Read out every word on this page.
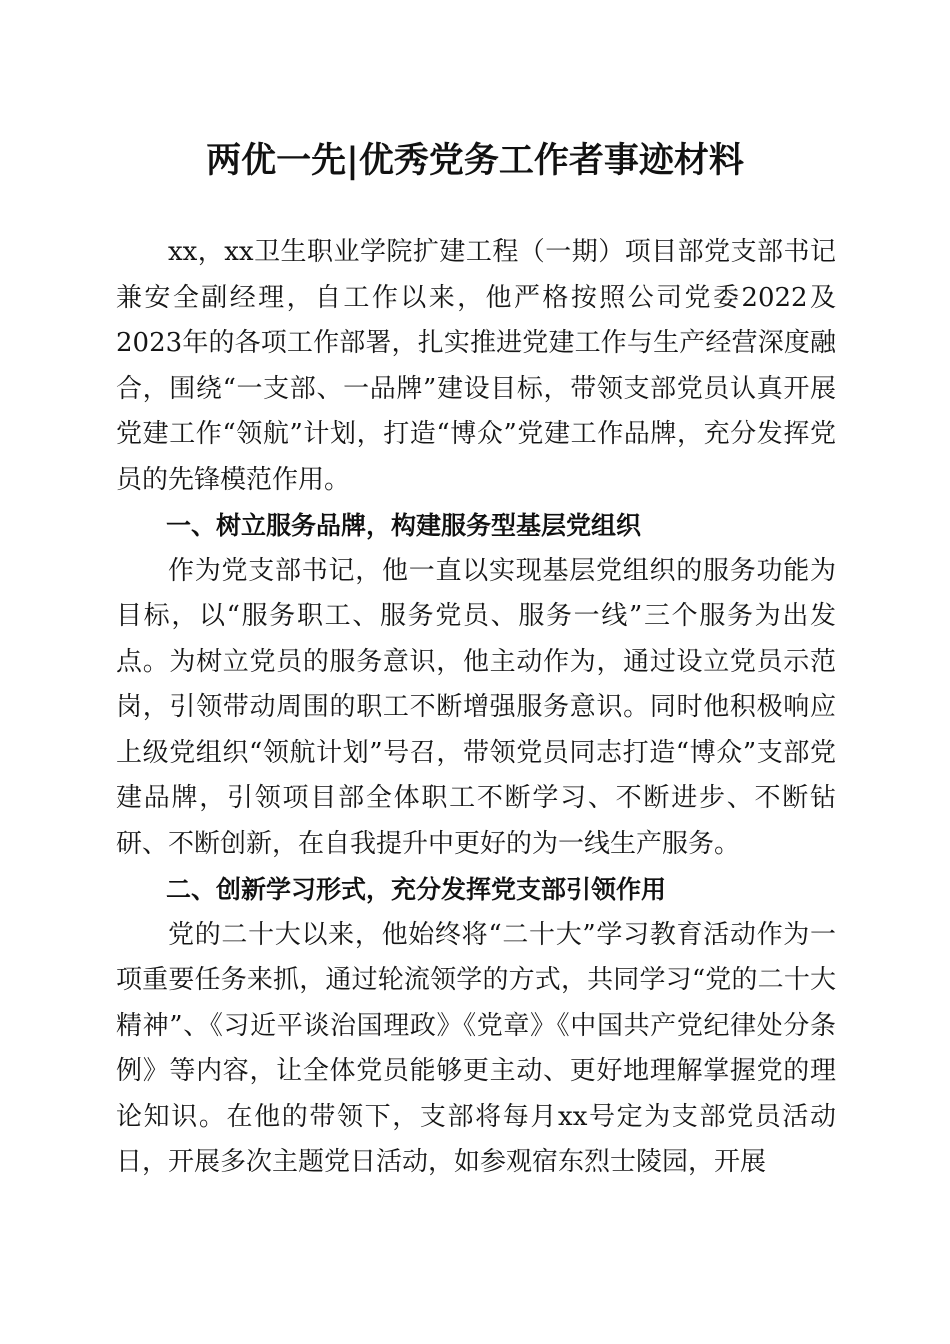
两优一先|优秀党务工作者事迹材料

xx，xx卫生职业学院扩建工程（一期）项目部党支部书记兼安全副经理，自工作以来，他严格按照公司党委2022及2023年的各项工作部署，扎实推进党建工作与生产经营深度融合，围绕“一支部、一品牌”建设目标，带领支部党员认真开展党建工作“领航”计划，打造“博众”党建工作品牌，充分发挥党员的先锋模范作用。

一、树立服务品牌，构建服务型基层党组织

作为党支部书记，他一直以实现基层党组织的服务功能为目标，以“服务职工、服务党员、服务一线”三个服务为出发点。为树立党员的服务意识，他主动作为，通过设立党员示范岗，引领带动周围的职工不断增强服务意识。同时他积极响应上级党组织“领航计划”号召，带领党员同志打造“博众”支部党建品牌，引领项目部全体职工不断学习、不断进步、不断钻研、不断创新，在自我提升中更好的为一线生产服务。

二、创新学习形式，充分发挥党支部引领作用

党的二十大以来，他始终将“二十大”学习教育活动作为一项重要任务来抓，通过轮流领学的方式，共同学习“党的二十大精神”、《习近平谈治国理政》《党章》《中国共产党纪律处分条例》等内容，让全体党员能够更主动、更好地理解掌握党的理论知识。在他的带领下，支部将每月xx号定为支部党员活动日，开展多次主题党日活动，如参观宿东烈士陵园，开展
